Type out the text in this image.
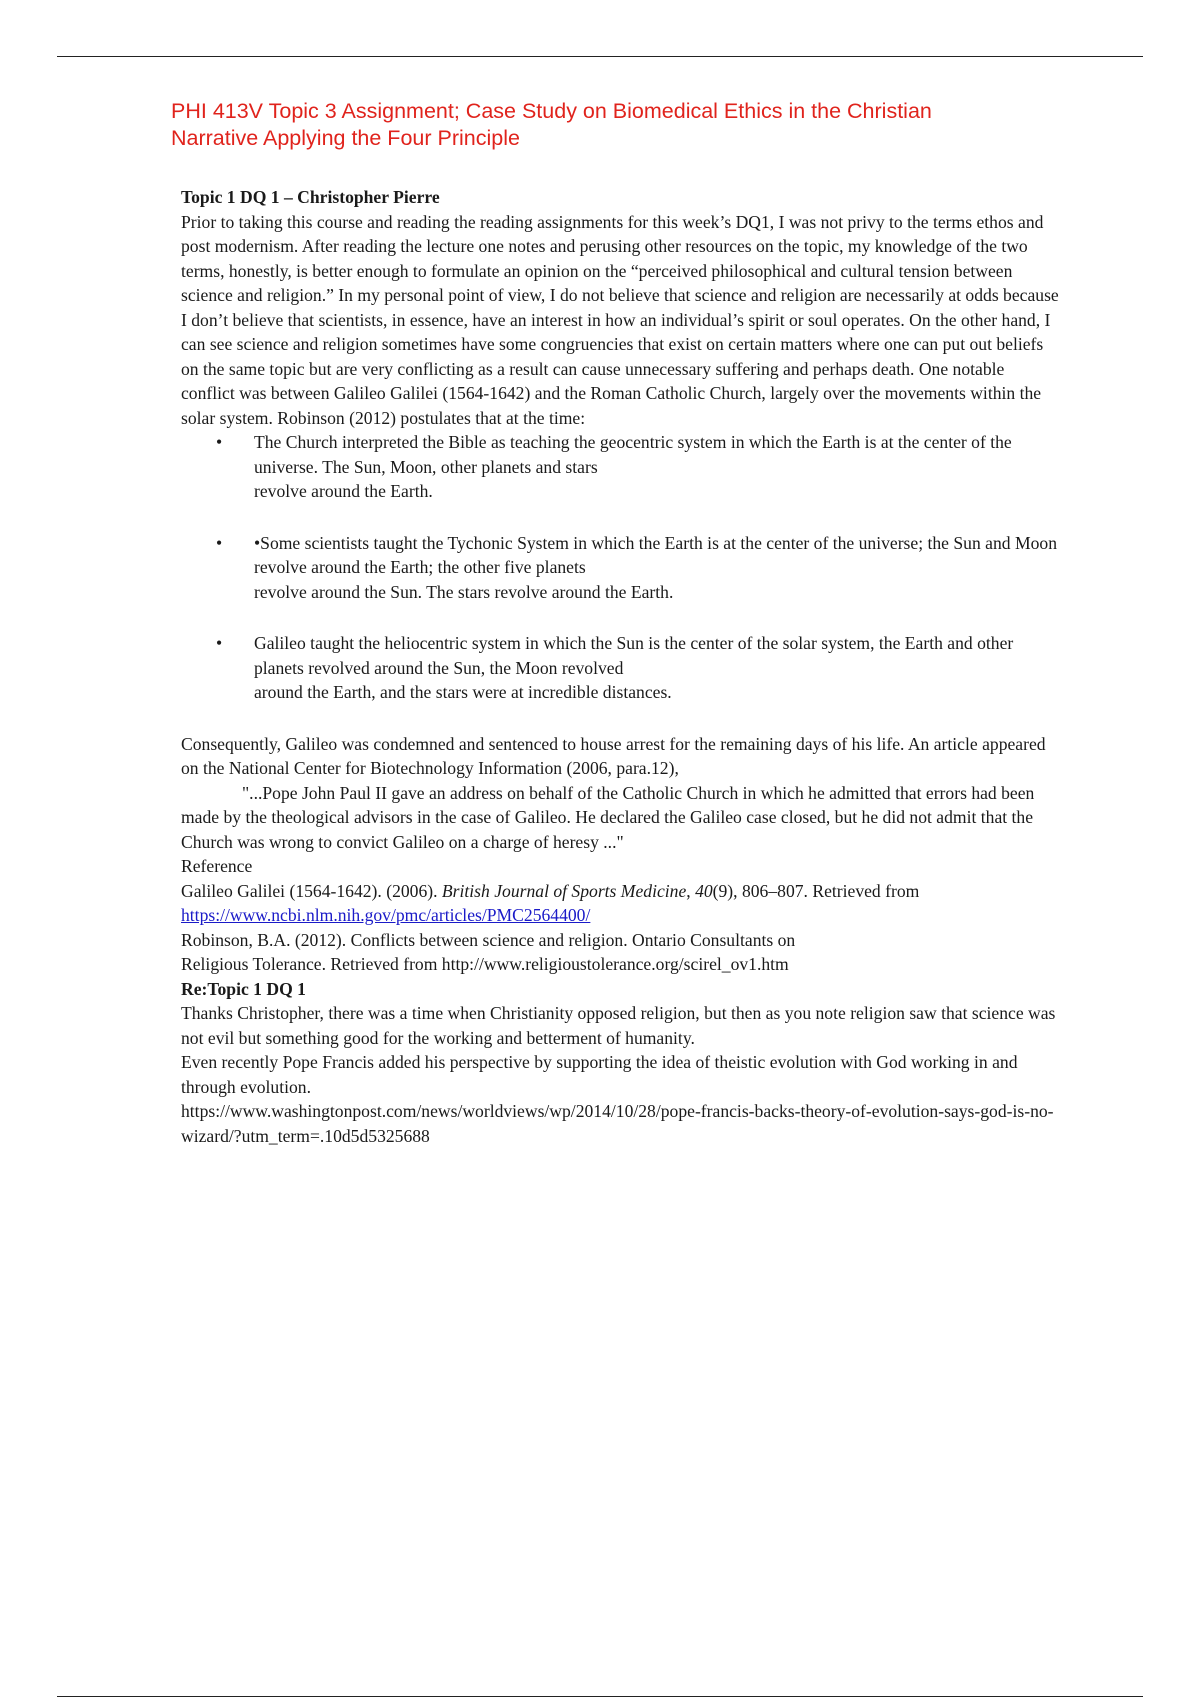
PHI 413V Topic 3 Assignment; Case Study on Biomedical Ethics in the Christian
Narrative Applying the Four Principle

Topic 1 DQ 1 – Christopher Pierre

Prior to taking this course and reading the reading assignments for this week’s DQ1, I was not privy to the terms ethos and post modernism. After reading the lecture one notes and perusing other resources on the topic, my knowledge of the two terms, honestly, is better enough to formulate an opinion on the “perceived philosophical and cultural tension between science and religion.” In my personal point of view, I do not believe that science and religion are necessarily at odds because I don’t believe that scientists, in essence, have an interest in how an individual’s spirit or soul operates. On the other hand, I can see science and religion sometimes have some congruencies that exist on certain matters where one can put out beliefs on the same topic but are very conflicting as a result can cause unnecessary suffering and perhaps death. One notable conflict was between Galileo Galilei (1564-1642) and the Roman Catholic Church, largely over the movements within the solar system. Robinson (2012) postulates that at the time:

•	The Church interpreted the Bible as teaching the geocentric system in which the Earth is at the center of the universe. The Sun, Moon, other planets and stars
revolve around the Earth.
•	•Some scientists taught the Tychonic System in which the Earth is at the center of the universe; the Sun and Moon revolve around the Earth; the other five planets
revolve around the Sun. The stars revolve around the Earth.
•	Galileo taught the heliocentric system in which the Sun is the center of the solar system, the Earth and other planets revolved around the Sun, the Moon revolved
around the Earth, and the stars were at incredible distances.

Consequently, Galileo was condemned and sentenced to house arrest for the remaining days of his life. An article appeared on the National Center for Biotechnology Information (2006, para.12),

"...Pope John Paul II gave an address on behalf of the Catholic Church in which he admitted that errors had been made by the theological advisors in the case of Galileo. He declared the Galileo case closed, but he did not admit that the Church was wrong to convict Galileo on a charge of heresy ..."

Reference

Galileo Galilei (1564-1642). (2006). British Journal of Sports Medicine, 40(9), 806–807. Retrieved from
https://www.ncbi.nlm.nih.gov/pmc/articles/PMC2564400/

Robinson, B.A. (2012). Conflicts between science and religion. Ontario Consultants on
Religious Tolerance. Retrieved from http://www.religioustolerance.org/scirel_ov1.htm

Re:Topic 1 DQ 1

Thanks Christopher, there was a time when Christianity opposed religion, but then as you note religion saw that science was not evil but something good for the working and betterment of humanity.

Even recently Pope Francis added his perspective by supporting the idea of theistic evolution with God working in and through evolution.

https://www.washingtonpost.com/news/worldviews/wp/2014/10/28/pope-francis-backs-theory-of-evolution-says-god-is-no-wizard/?utm_term=.10d5d5325688
